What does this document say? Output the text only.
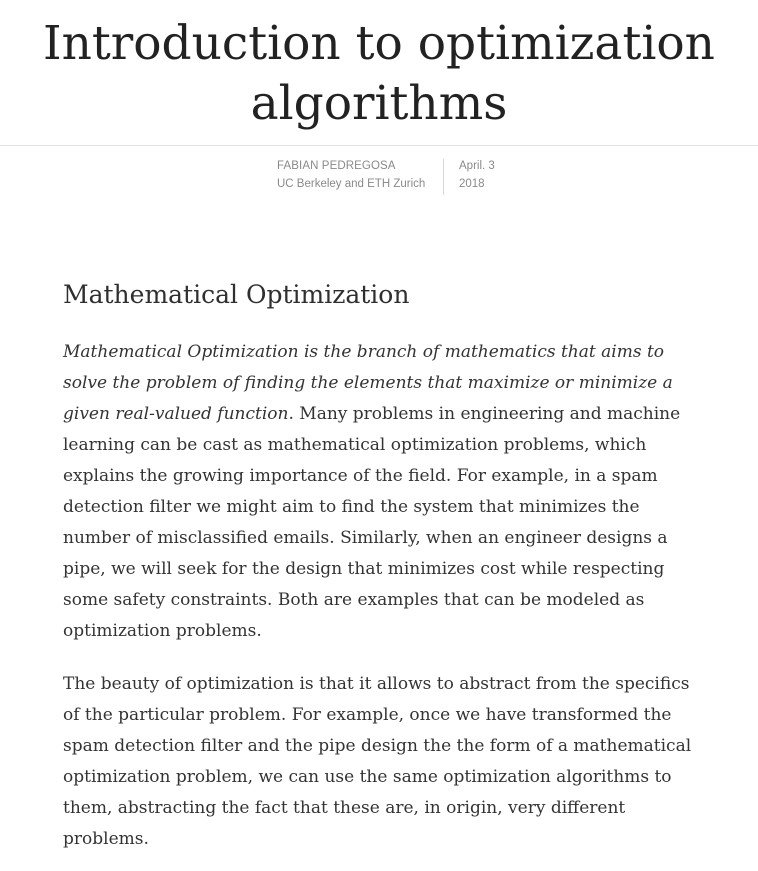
Introduction to optimization
algorithms
FABIAN PEDREGOSA
UC Berkeley and ETH Zurich
April. 3
2018
Mathematical Optimization

Mathematical Optimization is the branch of mathematics that aims to
solve the problem of finding the elements that maximize or minimize a
given real-valued function. Many problems in engineering and machine
learning can be cast as mathematical optimization problems, which
explains the growing importance of the field. For example, in a spam
detection filter we might aim to find the system that minimizes the
number of misclassified emails. Similarly, when an engineer designs a
pipe, we will seek for the design that minimizes cost while respecting
some safety constraints. Both are examples that can be modeled as
optimization problems.

The beauty of optimization is that it allows to abstract from the specifics
of the particular problem. For example, once we have transformed the
spam detection filter and the pipe design the the form of a mathematical
optimization problem, we can use the same optimization algorithms to
them, abstracting the fact that these are, in origin, very different
problems.
